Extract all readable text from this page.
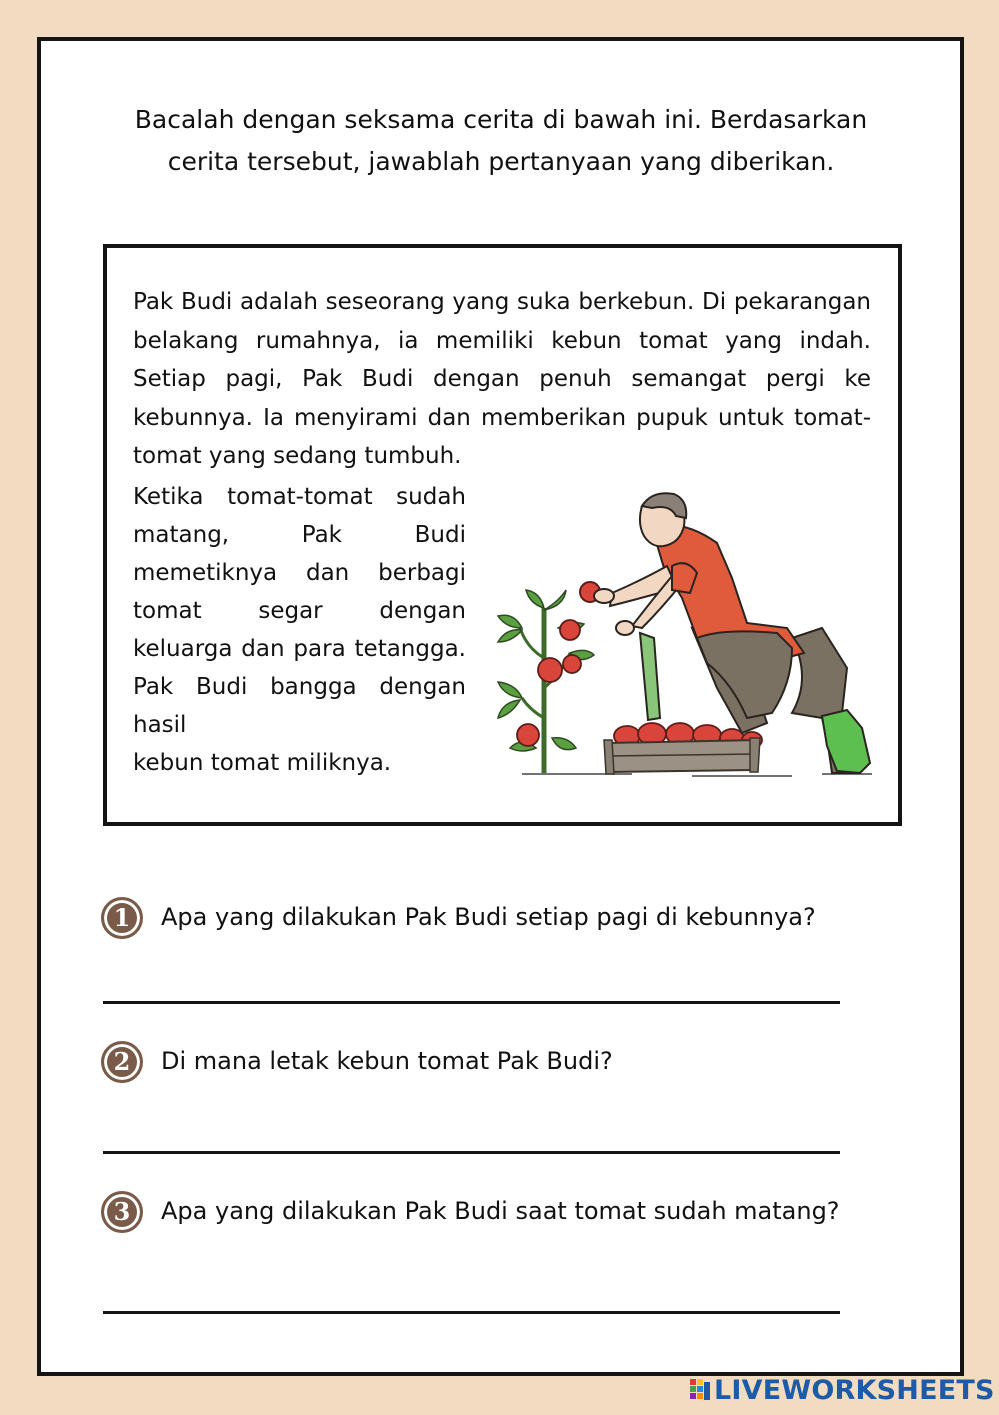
Bacalah dengan seksama cerita di bawah ini. Berdasarkan cerita tersebut, jawablah pertanyaan yang diberikan.
Pak Budi adalah seseorang yang suka berkebun. Di pekarangan belakang rumahnya, ia memiliki kebun tomat yang indah. Setiap pagi, Pak Budi dengan penuh semangat pergi ke kebunnya. Ia menyirami dan memberikan pupuk untuk tomat-tomat yang sedang tumbuh.
Ketika tomat-tomat sudah matang, Pak Budi memetiknya dan berbagi tomat segar dengan keluarga dan para tetangga. Pak Budi bangga dengan hasil
kebun tomat miliknya.
1	Apa yang dilakukan Pak Budi setiap pagi di kebunnya?
2	Di mana letak kebun tomat Pak Budi?
3	Apa yang dilakukan Pak Budi saat tomat sudah matang?
LIVEWORKSHEETS
